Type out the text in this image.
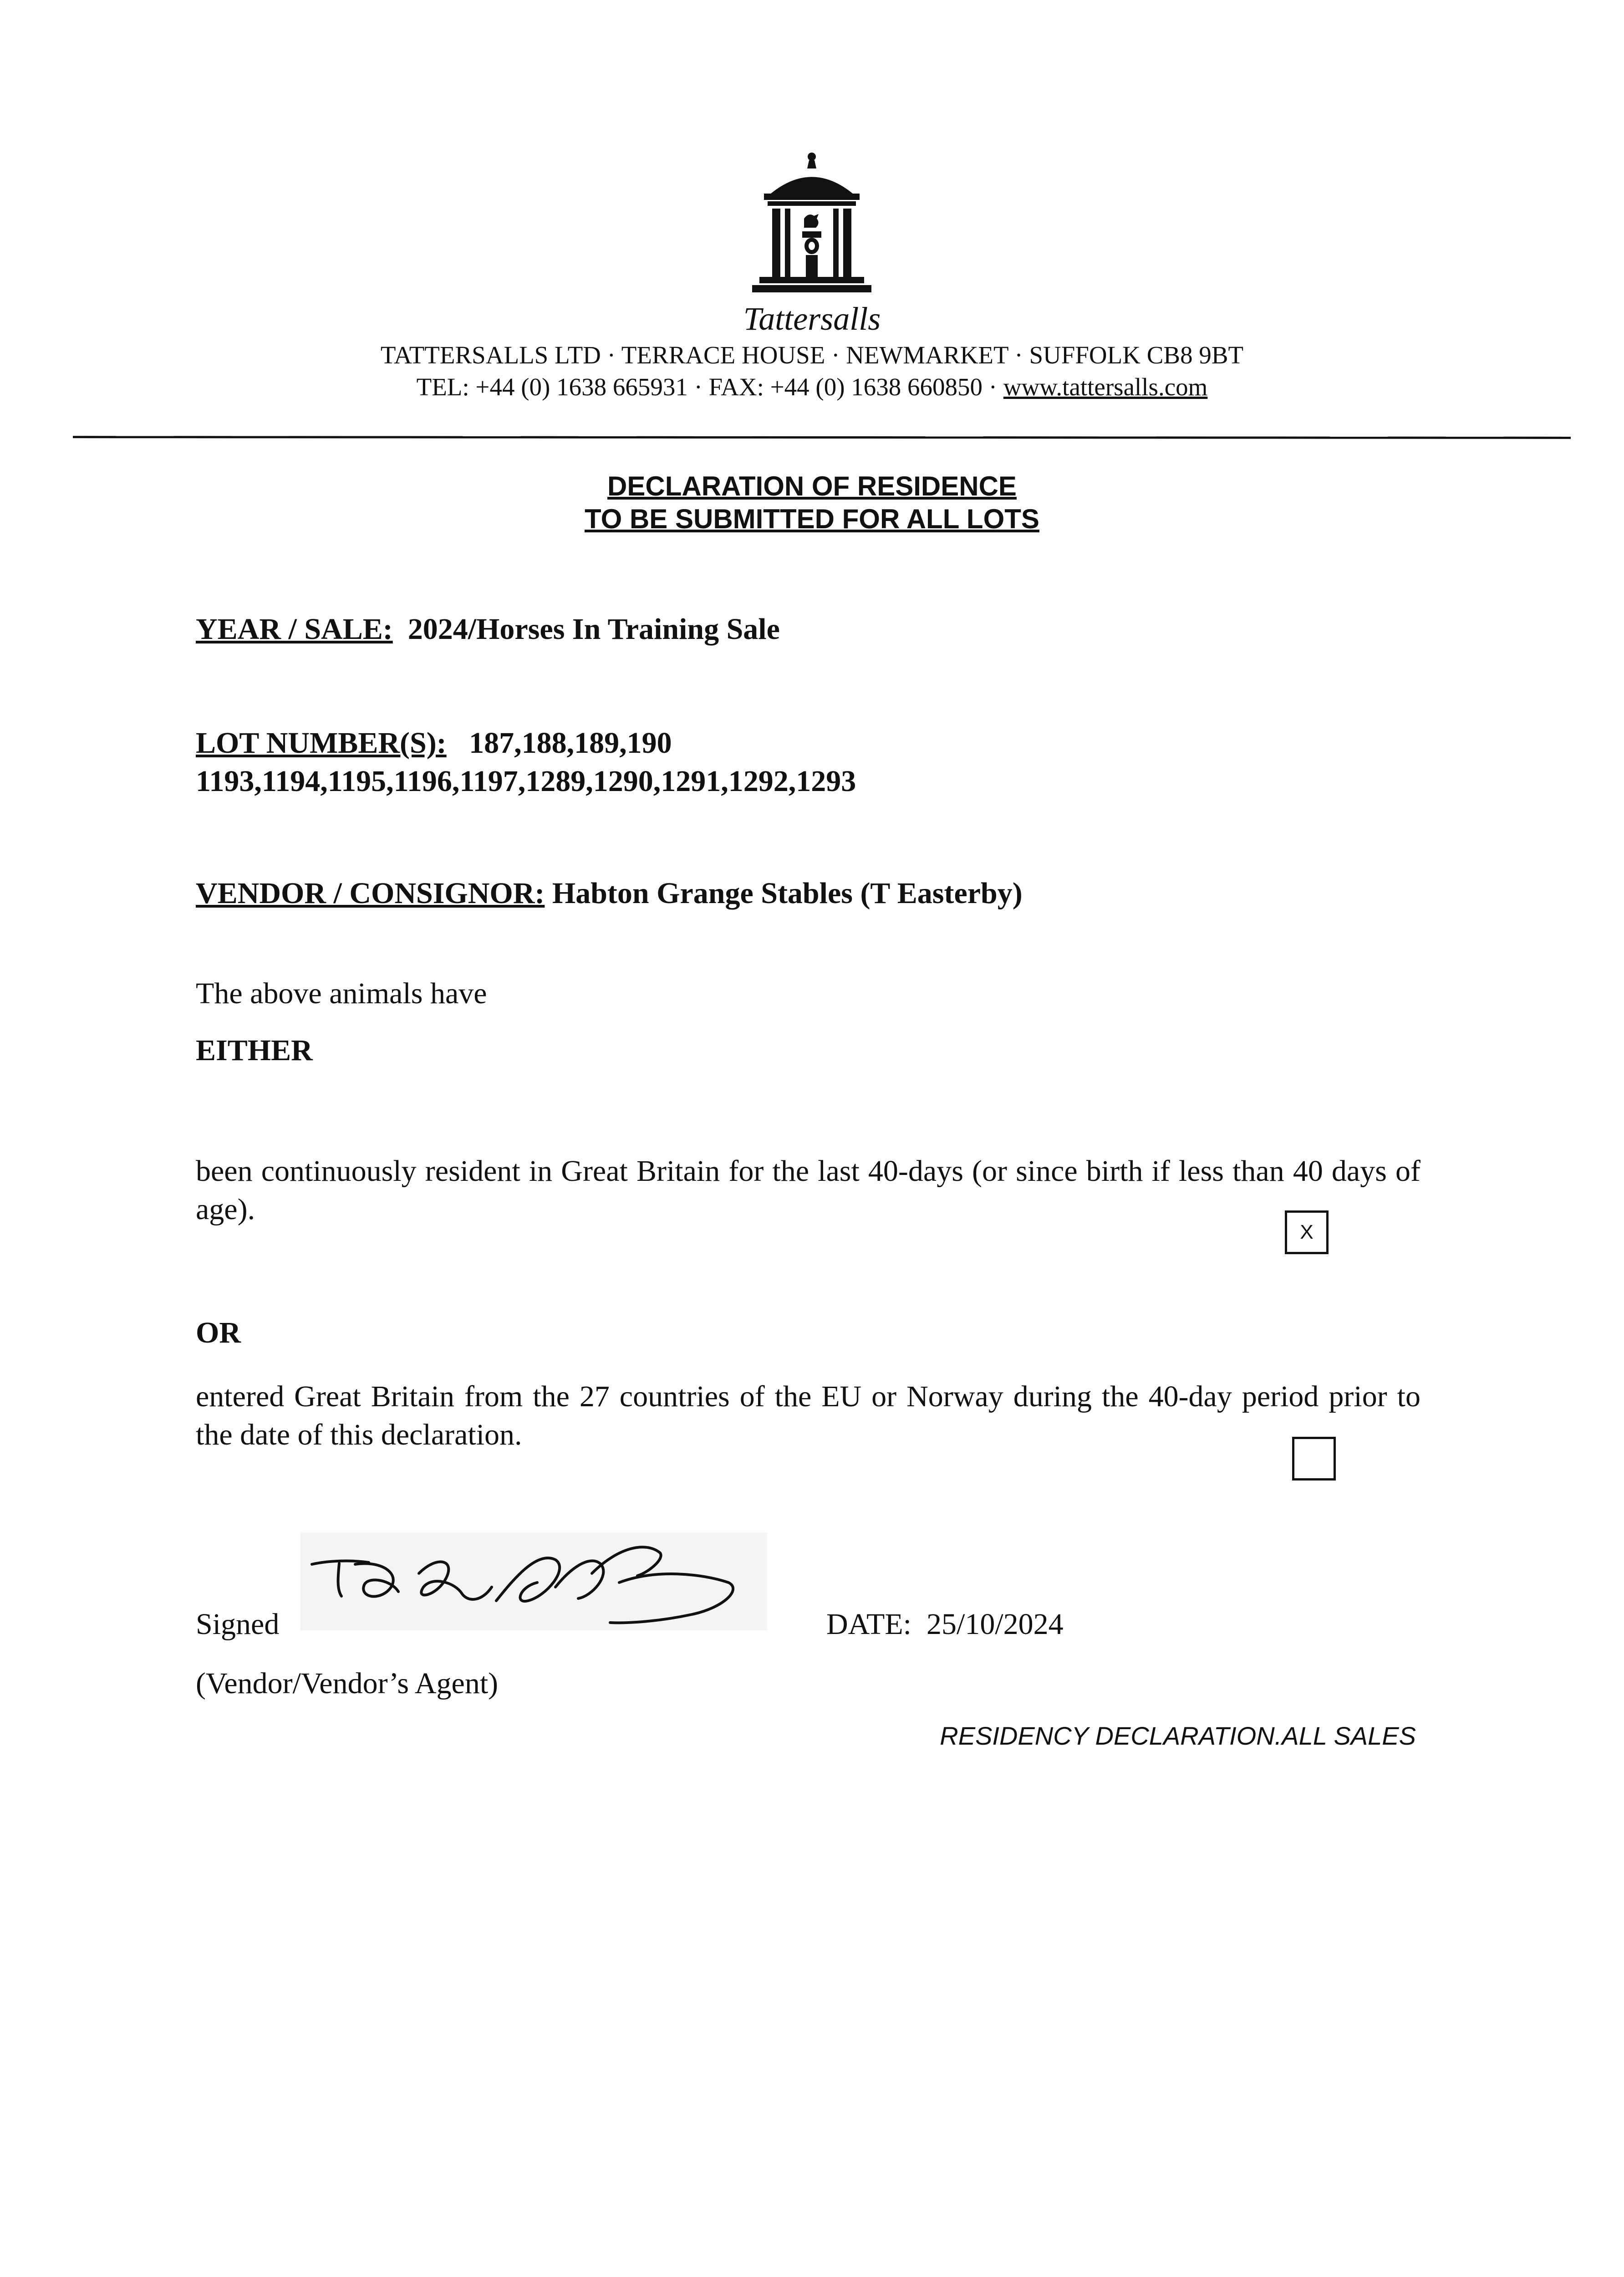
Tattersalls
TATTERSALLS LTD · TERRACE HOUSE · NEWMARKET · SUFFOLK CB8 9BT
TEL: +44 (0) 1638 665931 · FAX: +44 (0) 1638 660850 · www.tattersalls.com
DECLARATION OF RESIDENCE
TO BE SUBMITTED FOR ALL LOTS
YEAR / SALE: 2024/Horses In Training Sale
LOT NUMBER(S): 187,188,189,190
1193,1194,1195,1196,1197,1289,1290,1291,1292,1293
VENDOR / CONSIGNOR: Habton Grange Stables (T Easterby)
The above animals have
EITHER
been continuously resident in Great Britain for the last 40-days (or since birth if less than 40 days of age).
X
OR
entered Great Britain from the 27 countries of the EU or Norway during the 40-day period prior to the date of this declaration.
Signed	DATE: 25/10/2024
(Vendor/Vendor’s Agent)
RESIDENCY DECLARATION.ALL SALES
